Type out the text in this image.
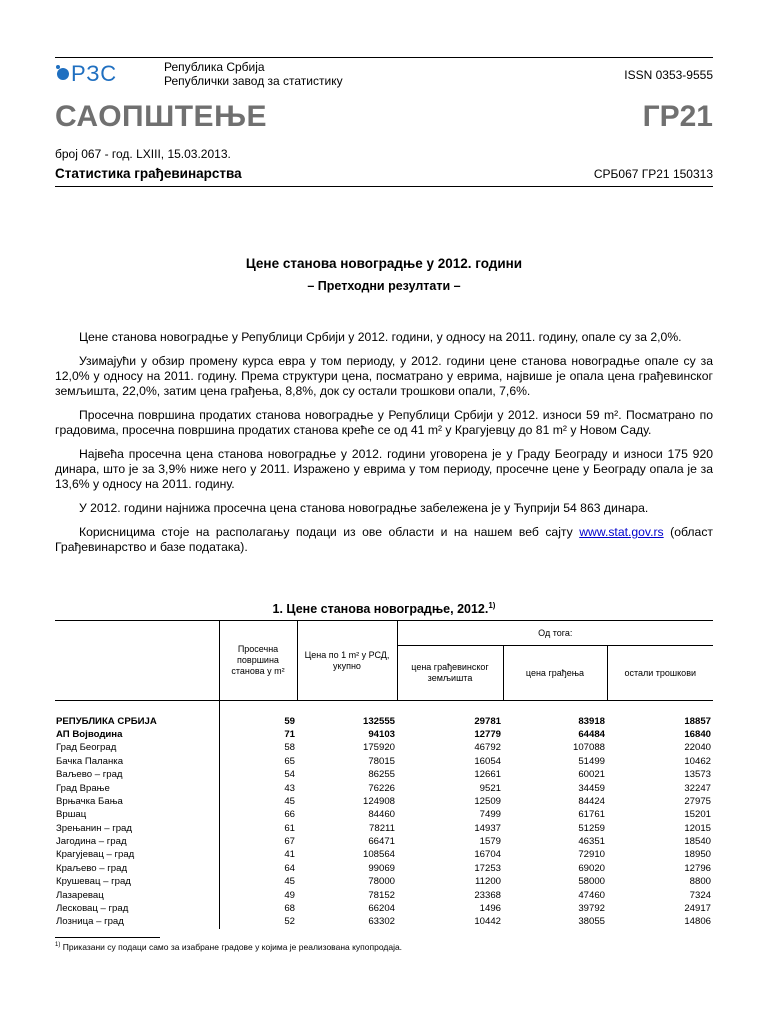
РЗС	Република Србија
Републички завод за статистику	ISSN 0353-9555
САОПШТЕЊЕ	ГР21
број 067 - год. LXIII, 15.03.2013.
Статистика грађевинарства	СРБ067 ГР21 150313
Цене станова новоградње у 2012. години
– Претходни резултати –

Цене станова новоградње у Републици Србији у 2012. години, у односу на 2011. годину, опале су за 2,0%.

Узимајући у обзир промену курса евра у том периоду, у 2012. години цене станова новоградње опале су за 12,0% у односу на 2011. годину. Према структури цена, посматрано у еврима, највише је опала цена грађевинског земљишта, 22,0%, затим цена грађења, 8,8%, док су остали трошкови опали, 7,6%.

Просечна површина продатих станова новоградње у Републици Србији у 2012. износи 59 m². Посматрано по градовима, просечна површина продатих станова креће се од 41 m² у Крагујевцу до 81 m² у Новом Саду.

Највећа просечна цена станова новоградње у 2012. години уговорена је у Граду Београду и износи 175 920 динара, што је за 3,9% ниже него у 2011. Изражено у еврима у том периоду, просечне цене у Београду опала је за 13,6% у односу на 2011. годину.

У 2012. години најнижа просечна цена станова новоградње забележена је у Ћуприји 54 863 динара.

Корисницима стоје на располагању подаци из ове области и на нашем веб сајту www.stat.gov.rs (област Грађевинарство и базе података).

1. Цене станова новоградње, 2012.$^{1)}$
	Просечна површина станова у m²	Цена по 1 m² у РСД, укупно	Од тога:		
			цена грађевинског земљишта	цена грађења	остали трошкови

РЕПУБЛИКА СРБИЈА	59	132555	29781	83918	18857
АП Војводина	71	94103	12779	64484	16840
Град Београд	58	175920	46792	107088	22040
Бачка Паланка	65	78015	16054	51499	10462
Ваљево – град	54	86255	12661	60021	13573
Град Врање	43	76226	9521	34459	32247
Врњачка Бања	45	124908	12509	84424	27975
Вршац	66	84460	7499	61761	15201
Зрењанин – град	61	78211	14937	51259	12015
Јагодина – град	67	66471	1579	46351	18540
Крагујевац – град	41	108564	16704	72910	18950
Краљево – град	64	99069	17253	69020	12796
Крушевац – град	45	78000	11200	58000	8800
Лазаревац	49	78152	23368	47460	7324
Лесковац – град	68	66204	1496	39792	24917
Лозница – град	52	63302	10442	38055	14806
$^{1)}$ Приказани су подаци само за изабране градове у којима је реализована купопродаја.
